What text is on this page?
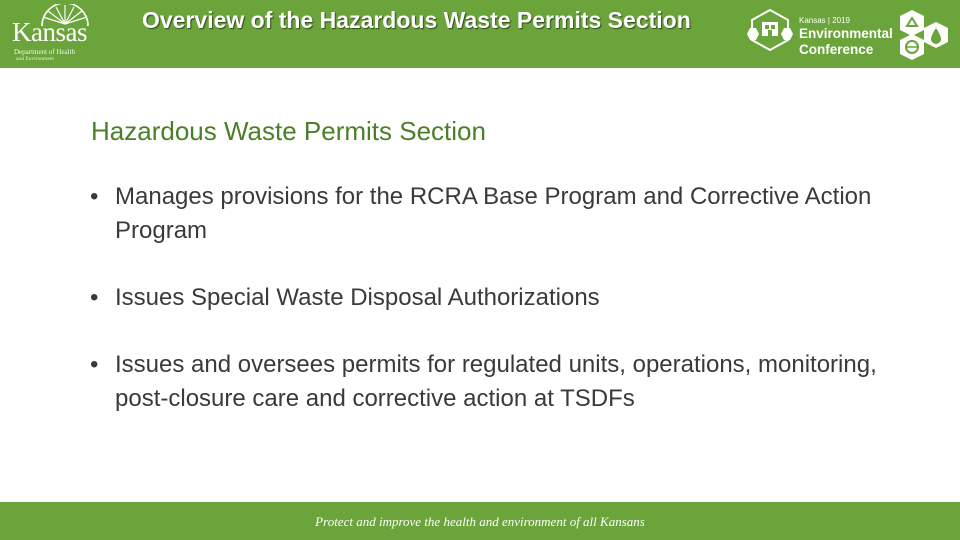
Kansas
Department of Health
and Environment
Overview of the Hazardous Waste Permits Section	Kansas | 2019
Environmental
Conference
Hazardous Waste Permits Section
• Manages provisions for the RCRA Base Program and Corrective Action Program
• Issues Special Waste Disposal Authorizations
• Issues and oversees permits for regulated units, operations, monitoring, post-closure care and corrective action at TSDFs
Protect and improve the health and environment of all Kansans
